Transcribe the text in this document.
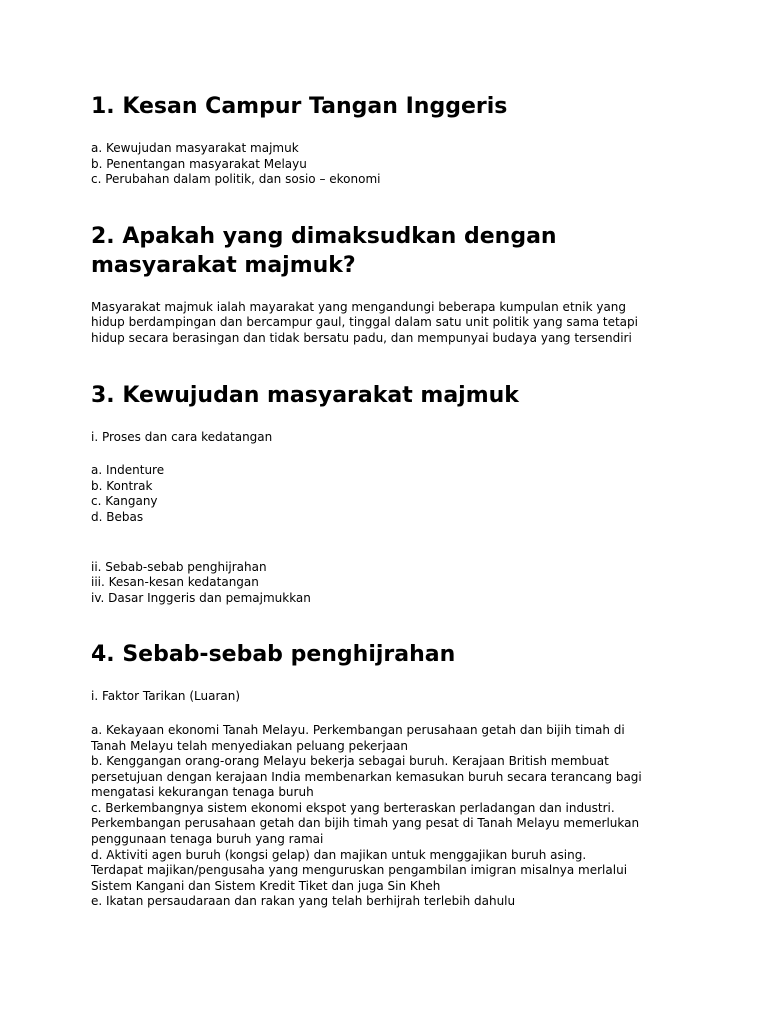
1. Kesan Campur Tangan Inggeris
a. Kewujudan masyarakat majmuk
b. Penentangan masyarakat Melayu
c. Perubahan dalam politik, dan sosio – ekonomi
2. Apakah yang dimaksudkan dengan
masyarakat majmuk?
Masyarakat majmuk ialah mayarakat yang mengandungi beberapa kumpulan etnik yang
hidup berdampingan dan bercampur gaul, tinggal dalam satu unit politik yang sama tetapi
hidup secara berasingan dan tidak bersatu padu, dan mempunyai budaya yang tersendiri
3. Kewujudan masyarakat majmuk
i. Proses dan cara kedatangan
a. Indenture
b. Kontrak
c. Kangany
d. Bebas
ii. Sebab-sebab penghijrahan
iii. Kesan-kesan kedatangan
iv. Dasar Inggeris dan pemajmukkan
4. Sebab-sebab penghijrahan
i. Faktor Tarikan (Luaran)
a. Kekayaan ekonomi Tanah Melayu. Perkembangan perusahaan getah dan bijih timah di
Tanah Melayu telah menyediakan peluang pekerjaan
b. Kenggangan orang-orang Melayu bekerja sebagai buruh. Kerajaan British membuat
persetujuan dengan kerajaan India membenarkan kemasukan buruh secara terancang bagi
mengatasi kekurangan tenaga buruh
c. Berkembangnya sistem ekonomi ekspot yang berteraskan perladangan dan industri.
Perkembangan perusahaan getah dan bijih timah yang pesat di Tanah Melayu memerlukan
penggunaan tenaga buruh yang ramai
d. Aktiviti agen buruh (kongsi gelap) dan majikan untuk menggajikan buruh asing.
Terdapat majikan/pengusaha yang menguruskan pengambilan imigran misalnya merlalui
Sistem Kangani dan Sistem Kredit Tiket dan juga Sin Kheh
e. Ikatan persaudaraan dan rakan yang telah berhijrah terlebih dahulu
